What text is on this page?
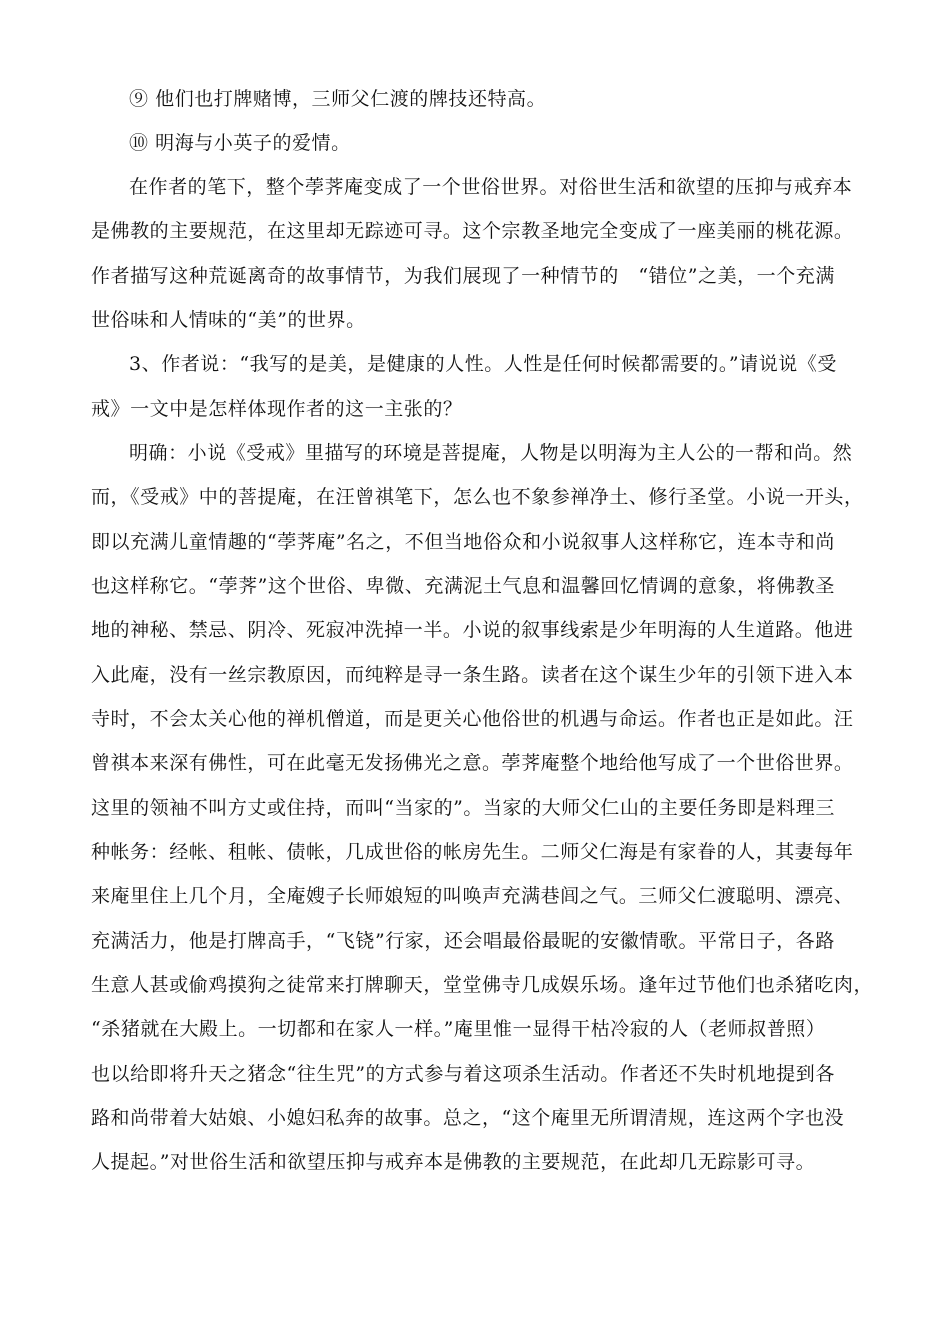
⑨ 他们也打牌赌博，三师父仁渡的牌技还特高。
⑩ 明海与小英子的爱情。
在作者的笔下，整个荸荠庵变成了一个世俗世界。对俗世生活和欲望的压抑与戒弃本
是佛教的主要规范，在这里却无踪迹可寻。这个宗教圣地完全变成了一座美丽的桃花源。
作者描写这种荒诞离奇的故事情节，为我们展现了一种情节的　“错位”之美，一个充满
世俗味和人情味的“美”的世界。
3、作者说：“我写的是美，是健康的人性。人性是任何时候都需要的。”请说说《受
戒》一文中是怎样体现作者的这一主张的？
明确：小说《受戒》里描写的环境是菩提庵，人物是以明海为主人公的一帮和尚。然
而，《受戒》中的菩提庵，在汪曾祺笔下，怎么也不象参禅净土、修行圣堂。小说一开头，
即以充满儿童情趣的“荸荠庵”名之，不但当地俗众和小说叙事人这样称它，连本寺和尚
也这样称它。“荸荠”这个世俗、卑微、充满泥土气息和温馨回忆情调的意象，将佛教圣
地的神秘、禁忌、阴冷、死寂冲洗掉一半。小说的叙事线索是少年明海的人生道路。他进
入此庵，没有一丝宗教原因，而纯粹是寻一条生路。读者在这个谋生少年的引领下进入本
寺时，不会太关心他的禅机僧道，而是更关心他俗世的机遇与命运。作者也正是如此。汪
曾祺本来深有佛性，可在此毫无发扬佛光之意。荸荠庵整个地给他写成了一个世俗世界。
这里的领袖不叫方丈或住持，而叫“当家的”。当家的大师父仁山的主要任务即是料理三
种帐务：经帐、租帐、债帐，几成世俗的帐房先生。二师父仁海是有家眷的人，其妻每年
来庵里住上几个月，全庵嫂子长师娘短的叫唤声充满巷闾之气。三师父仁渡聪明、漂亮、
充满活力，他是打牌高手，“飞铙”行家，还会唱最俗最昵的安徽情歌。平常日子，各路
生意人甚或偷鸡摸狗之徒常来打牌聊天，堂堂佛寺几成娱乐场。逢年过节他们也杀猪吃肉，
“杀猪就在大殿上。一切都和在家人一样。”庵里惟一显得干枯冷寂的人（老师叔普照）
也以给即将升天之猪念“往生咒”的方式参与着这项杀生活动。作者还不失时机地提到各
路和尚带着大姑娘、小媳妇私奔的故事。总之，“这个庵里无所谓清规，连这两个字也没
人提起。”对世俗生活和欲望压抑与戒弃本是佛教的主要规范，在此却几无踪影可寻。
